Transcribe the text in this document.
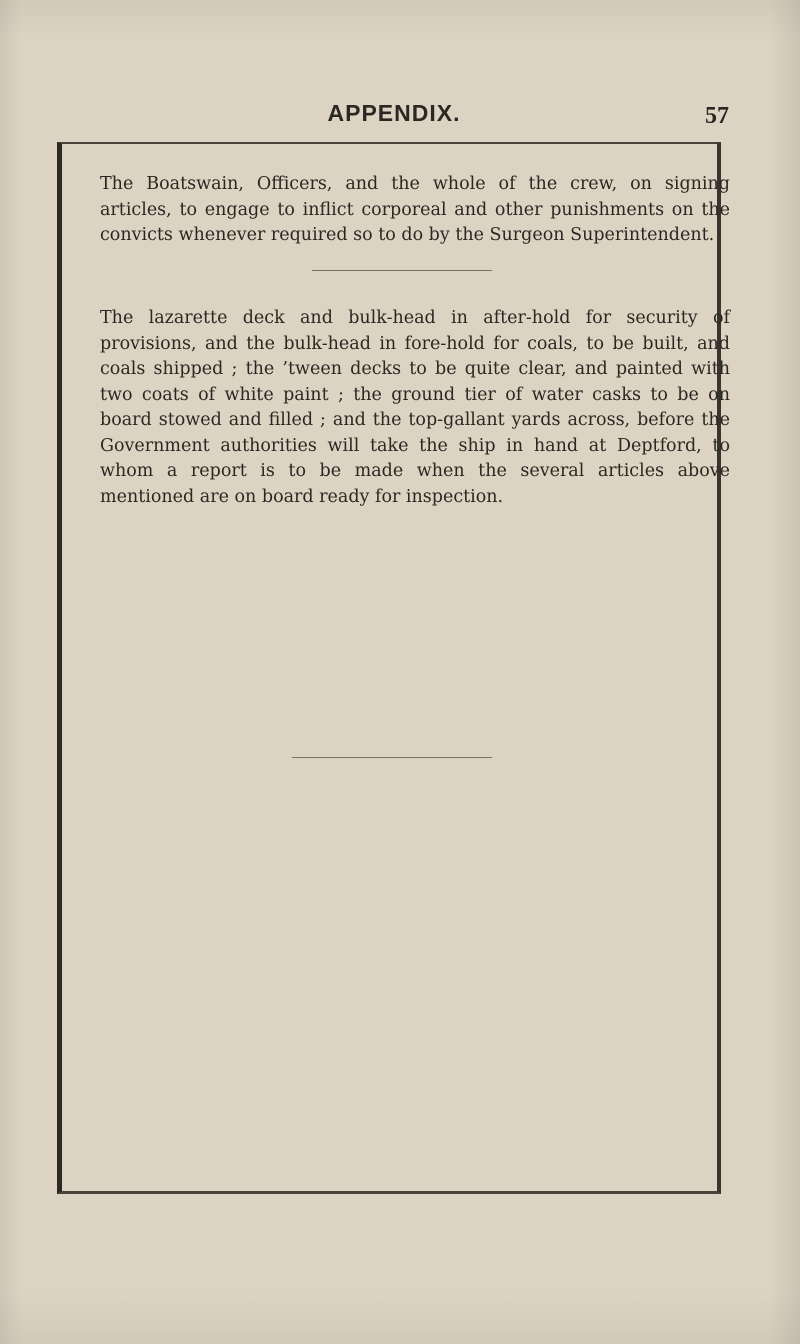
APPENDIX.	57

The Boatswain, Officers, and the whole of the crew, on signing articles, to engage to inflict corporeal and other punishments on the convicts whenever required so to do by the Surgeon Superintendent.

The lazarette deck and bulk-head in after-hold for security of provisions, and the bulk-head in fore-hold for coals, to be built, and coals shipped ; the ’tween decks to be quite clear, and painted with two coats of white paint ; the ground tier of water casks to be on board stowed and filled ; and the top-gallant yards across, before the Government authorities will take the ship in hand at Deptford, to whom a report is to be made when the several articles above mentioned are on board ready for inspection.
